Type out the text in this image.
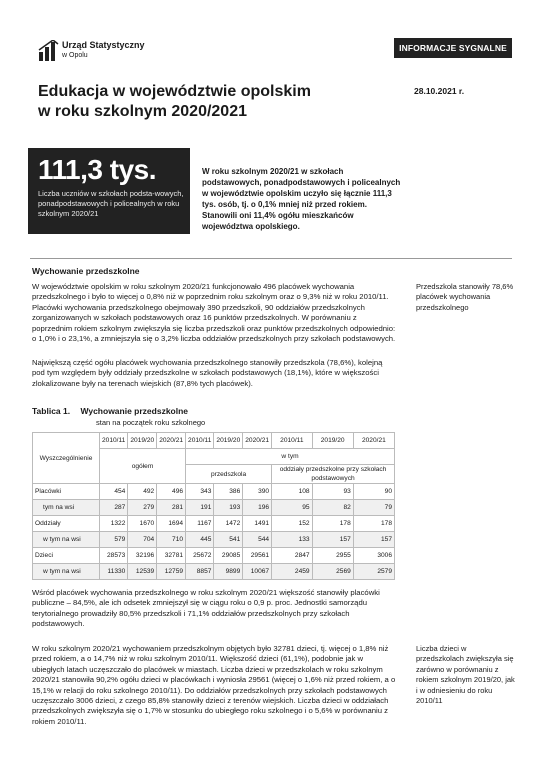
Urząd Statystyczny
w Opolu
INFORMACJE SYGNALNE
Edukacja w województwie opolskim
w roku szkolnym 2020/2021
28.10.2021 r.
111,3 tys.
Liczba uczniów w szkołach podsta-wowych, ponadpodstawowych i policealnych w roku szkolnym 2020/21
W roku szkolnym 2020/21 w szkołach podstawowych, ponadpodstawowych i policealnych w województwie opolskim uczyło się łącznie 111,3 tys. osób, tj. o 0,1% mniej niż przed rokiem. Stanowili oni 11,4% ogółu mieszkańców województwa opolskiego.
Wychowanie przedszkolne
W województwie opolskim w roku szkolnym 2020/21 funkcjonowało 496 placówek wychowania przedszkolnego i było to więcej o 0,8% niż w poprzednim roku szkolnym oraz o 9,3% niż w roku 2010/11. Placówki wychowania przedszkolnego obejmowały 390 przedszkoli, 90 oddziałów przedszkolnych zorganizowanych w szkołach podstawowych oraz 16 punktów przedszkolnych. W porównaniu z poprzednim rokiem szkolnym zwiększyła się liczba przedszkoli oraz punktów przedszkolnych odpowiednio: o 1,0% i o 23,1%, a zmniejszyła się o 3,2% liczba oddziałów przedszkolnych przy szkołach podstawowych.
Przedszkola stanowiły 78,6% placówek wychowania przedszkolnego
Największą część ogółu placówek wychowania przedszkolnego stanowiły przedszkola (78,6%), kolejną pod tym względem były oddziały przedszkolne w szkołach podstawowych (18,1%), które w większości zlokalizowane były na terenach wiejskich (87,8% tych placówek).
Tablica 1. Wychowanie przedszkolne
stan na początek roku szkolnego
Wyszczególnienie	2010/11	2019/20	2020/21	2010/11	2019/20	2020/21	2010/11	2019/20	2020/21
	ogółem			w tym					
				przedszkola			oddziały przedszkolne przy szkołach podstawowych		

Placówki	454	492	496	343	386	390	108	93	90
tym na wsi	287	279	281	191	193	196	95	82	79
Oddziały	1322	1670	1694	1167	1472	1491	152	178	178
w tym na wsi	579	704	710	445	541	544	133	157	157
Dzieci	28573	32196	32781	25672	29085	29561	2847	2955	3006
w tym na wsi	11330	12539	12759	8857	9899	10067	2459	2569	2579
Wśród placówek wychowania przedszkolnego w roku szkolnym 2020/21 większość stanowiły placówki publiczne – 84,5%, ale ich odsetek zmniejszył się w ciągu roku o 0,9 p. proc. Jednostki samorządu terytorialnego prowadziły 80,5% przedszkoli i 71,1% oddziałów przedszkolnych przy szkołach podstawowych.
W roku szkolnym 2020/21 wychowaniem przedszkolnym objętych było 32781 dzieci, tj. więcej o 1,8% niż przed rokiem, a o 14,7% niż w roku szkolnym 2010/11. Większość dzieci (61,1%), podobnie jak w ubiegłych latach uczęszczało do placówek w miastach. Liczba dzieci w przedszkolach w roku szkolnym 2020/21 stanowiła 90,2% ogółu dzieci w placówkach i wyniosła 29561 (więcej o 1,6% niż przed rokiem, a o 15,1% w relacji do roku szkolnego 2010/11). Do oddziałów przedszkolnych przy szkołach podstawowych uczęszczało 3006 dzieci, z czego 85,8% stanowiły dzieci z terenów wiejskich. Liczba dzieci w oddziałach przedszkolnych zwiększyła się o 1,7% w stosunku do ubiegłego roku szkolnego i o 5,6% w porównaniu z rokiem 2010/11.
Liczba dzieci w przedszkolach zwiększyła się zarówno w porównaniu z rokiem szkolnym 2019/20, jak i w odniesieniu do roku 2010/11
